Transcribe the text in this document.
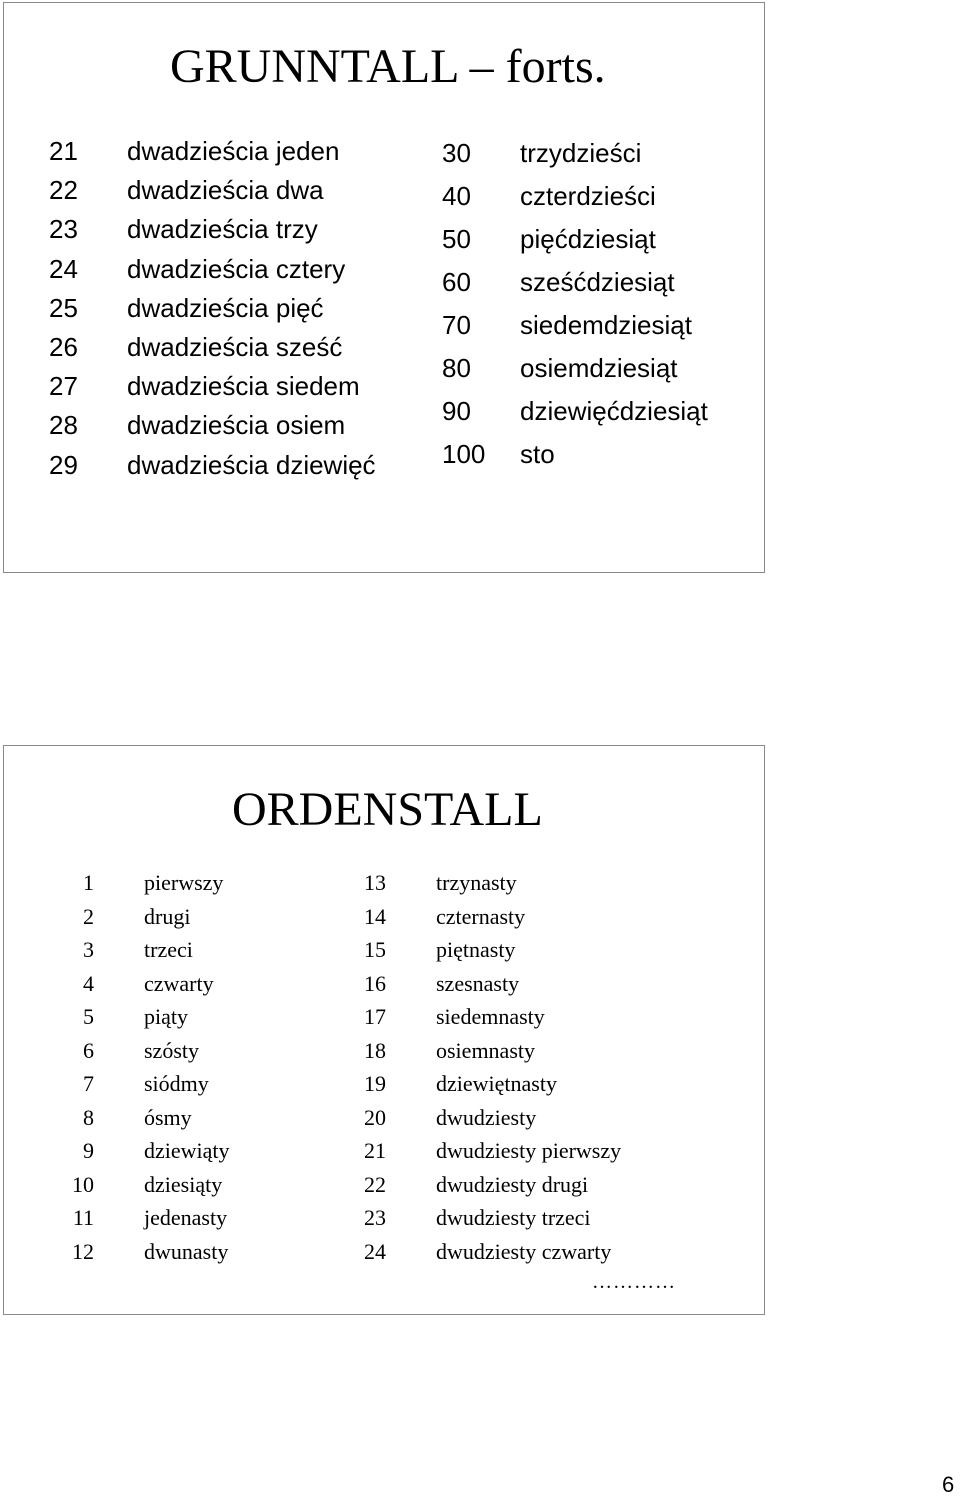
GRUNNTALL – forts.
21 dwadzieścia jeden
22 dwadzieścia dwa
23 dwadzieścia trzy
24 dwadzieścia cztery
25 dwadzieścia pięć
26 dwadzieścia sześć
27 dwadzieścia siedem
28 dwadzieścia osiem
29 dwadzieścia dziewięć
30 trzydzieści
40 czterdzieści
50 pięćdziesiąt
60 sześćdziesiąt
70 siedemdziesiąt
80 osiemdziesiąt
90 dziewięćdziesiąt
100 sto
ORDENSTALL
1 pierwszy
2 drugi
3 trzeci
4 czwarty
5 piąty
6 szósty
7 siódmy
8 ósmy
9 dziewiąty
10 dziesiąty
11 jedenasty
12 dwunasty
13 trzynasty
14 czternasty
15 piętnasty
16 szesnasty
17 siedemnasty
18 osiemnasty
19 dziewiętnasty
20 dwudziesty
21 dwudziesty pierwszy
22 dwudziesty drugi
23 dwudziesty trzeci
24 dwudziesty czwarty
…………
6
